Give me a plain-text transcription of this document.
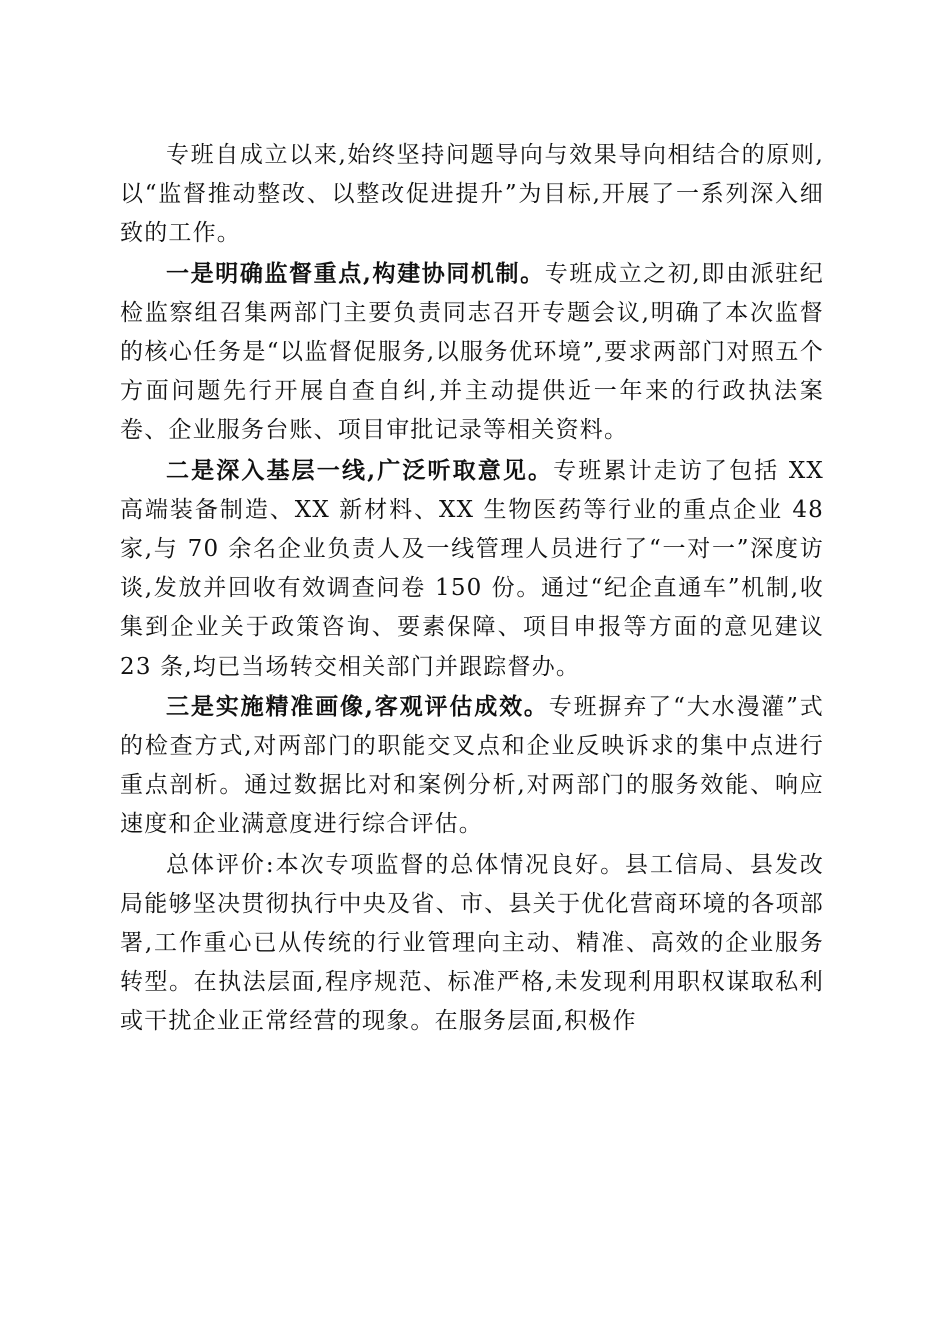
专班自成立以来,始终坚持问题导向与效果导向相结合的原则,以“监督推动整改、以整改促进提升”为目标,开展了一系列深入细致的工作。

一是明确监督重点,构建协同机制。专班成立之初,即由派驻纪检监察组召集两部门主要负责同志召开专题会议,明确了本次监督的核心任务是“以监督促服务,以服务优环境”,要求两部门对照五个方面问题先行开展自查自纠,并主动提供近一年来的行政执法案卷、企业服务台账、项目审批记录等相关资料。

二是深入基层一线,广泛听取意见。专班累计走访了包括 XX 高端装备制造、XX 新材料、XX 生物医药等行业的重点企业 48 家,与 70 余名企业负责人及一线管理人员进行了“一对一”深度访谈,发放并回收有效调查问卷 150 份。通过“纪企直通车”机制,收集到企业关于政策咨询、要素保障、项目申报等方面的意见建议 23 条,均已当场转交相关部门并跟踪督办。

三是实施精准画像,客观评估成效。专班摒弃了“大水漫灌”式的检查方式,对两部门的职能交叉点和企业反映诉求的集中点进行重点剖析。通过数据比对和案例分析,对两部门的服务效能、响应速度和企业满意度进行综合评估。

总体评价:本次专项监督的总体情况良好。县工信局、县发改局能够坚决贯彻执行中央及省、市、县关于优化营商环境的各项部署,工作重心已从传统的行业管理向主动、精准、高效的企业服务转型。在执法层面,程序规范、标准严格,未发现利用职权谋取私利或干扰企业正常经营的现象。在服务层面,积极作
